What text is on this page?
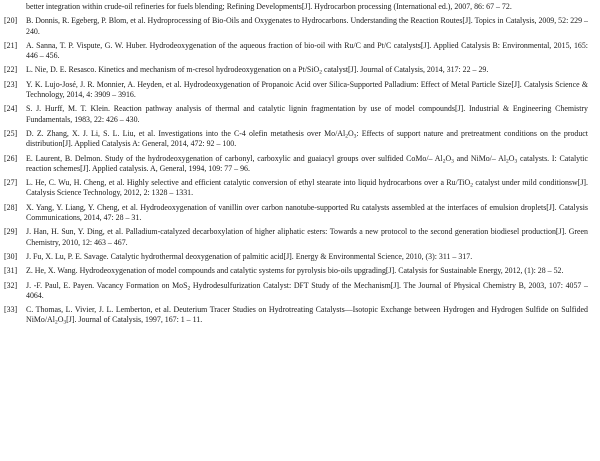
better integration within crude-oil refineries for fuels blending; Refining Developments[J]. Hydrocarbon processing (International ed.), 2007, 86: 67 – 72.
[20]	B. Donnis, R. Egeberg, P. Blom, et al. Hydroprocessing of Bio-Oils and Oxygenates to Hydrocarbons. Understanding the Reaction Routes[J]. Topics in Catalysis, 2009, 52: 229 – 240.
[21]	A. Sanna, T. P. Vispute, G. W. Huber. Hydrodeoxygenation of the aqueous fraction of bio-oil with Ru/C and Pt/C catalysts[J]. Applied Catalysis B: Environmental, 2015, 165: 446 – 456.
[22]	L. Nie, D. E. Resasco. Kinetics and mechanism of m-cresol hydrodeoxygenation on a Pt/SiO$_2$ catalyst[J]. Journal of Catalysis, 2014, 317: 22 – 29.
[23]	Y. K. Lujo-José, J. R. Monnier, A. Heyden, et al. Hydrodeoxygenation of Propanoic Acid over Silica-Supported Palladium: Effect of Metal Particle Size[J]. Catalysis Science & Technology, 2014, 4: 3909 – 3916.
[24]	S. J. Hurff, M. T. Klein. Reaction pathway analysis of thermal and catalytic lignin fragmentation by use of model compounds[J]. Industrial & Engineering Chemistry Fundamentals, 1983, 22: 426 – 430.
[25]	D. Z. Zhang, X. J. Li, S. L. Liu, et al. Investigations into the C-4 olefin metathesis over $Mo/Al_2O_3$: Effects of support nature and pretreatment conditions on the product distribution[J]. Applied Catalysis A: General, 2014, 472: 92 – 100.
[26]	E. Laurent, B. Delmon. Study of the hydrodeoxygenation of carbonyl, carboxylic and guaiacyl groups over sulfided CoMo/– $Al_2O_3$ and NiMo/– $Al_2O_3$ catalysts. I: Catalytic reaction schemes[J]. Applied catalysis. A, General, 1994, 109: 77 – 96.
[27]	L. He, C. Wu, H. Cheng, et al. Highly selective and efficient catalytic conversion of ethyl stearate into liquid hydrocarbons over a Ru/TiO$_2$ catalyst under mild conditionsw[J]. Catalysis Science Technology, 2012, 2: 1328 – 1331.
[28]	X. Yang, Y. Liang, Y. Cheng, et al. Hydrodeoxygenation of vanillin over carbon nanotube-supported Ru catalysts assembled at the interfaces of emulsion droplets[J]. Catalysis Communications, 2014, 47: 28 – 31.
[29]	J. Han, H. Sun, Y. Ding, et al. Palladium-catalyzed decarboxylation of higher aliphatic esters: Towards a new protocol to the second generation biodiesel production[J]. Green Chemistry, 2010, 12: 463 – 467.
[30]	J. Fu, X. Lu, P. E. Savage. Catalytic hydrothermal deoxygenation of palmitic acid[J]. Energy & Environmental Science, 2010, (3): 311 – 317.
[31]	Z. He, X. Wang. Hydrodeoxygenation of model compounds and catalytic systems for pyrolysis bio-oils upgrading[J]. Catalysis for Sustainable Energy, 2012, (1): 28 – 52.
[32]	J. -F. Paul, E. Payen. Vacancy Formation on MoS$_2$ Hydrodesulfurization Catalyst: DFT Study of the Mechanism[J]. The Journal of Physical Chemistry B, 2003, 107: 4057 – 4064.
[33]	C. Thomas, L. Vivier, J. L. Lemberton, et al. Deuterium Tracer Studies on Hydrotreating Catalysts—Isotopic Exchange between Hydrogen and Hydrogen Sulfide on Sulfided NiMo/$Al_2O_3[J]$. Journal of Catalysis, 1997, 167: 1 – 11.
